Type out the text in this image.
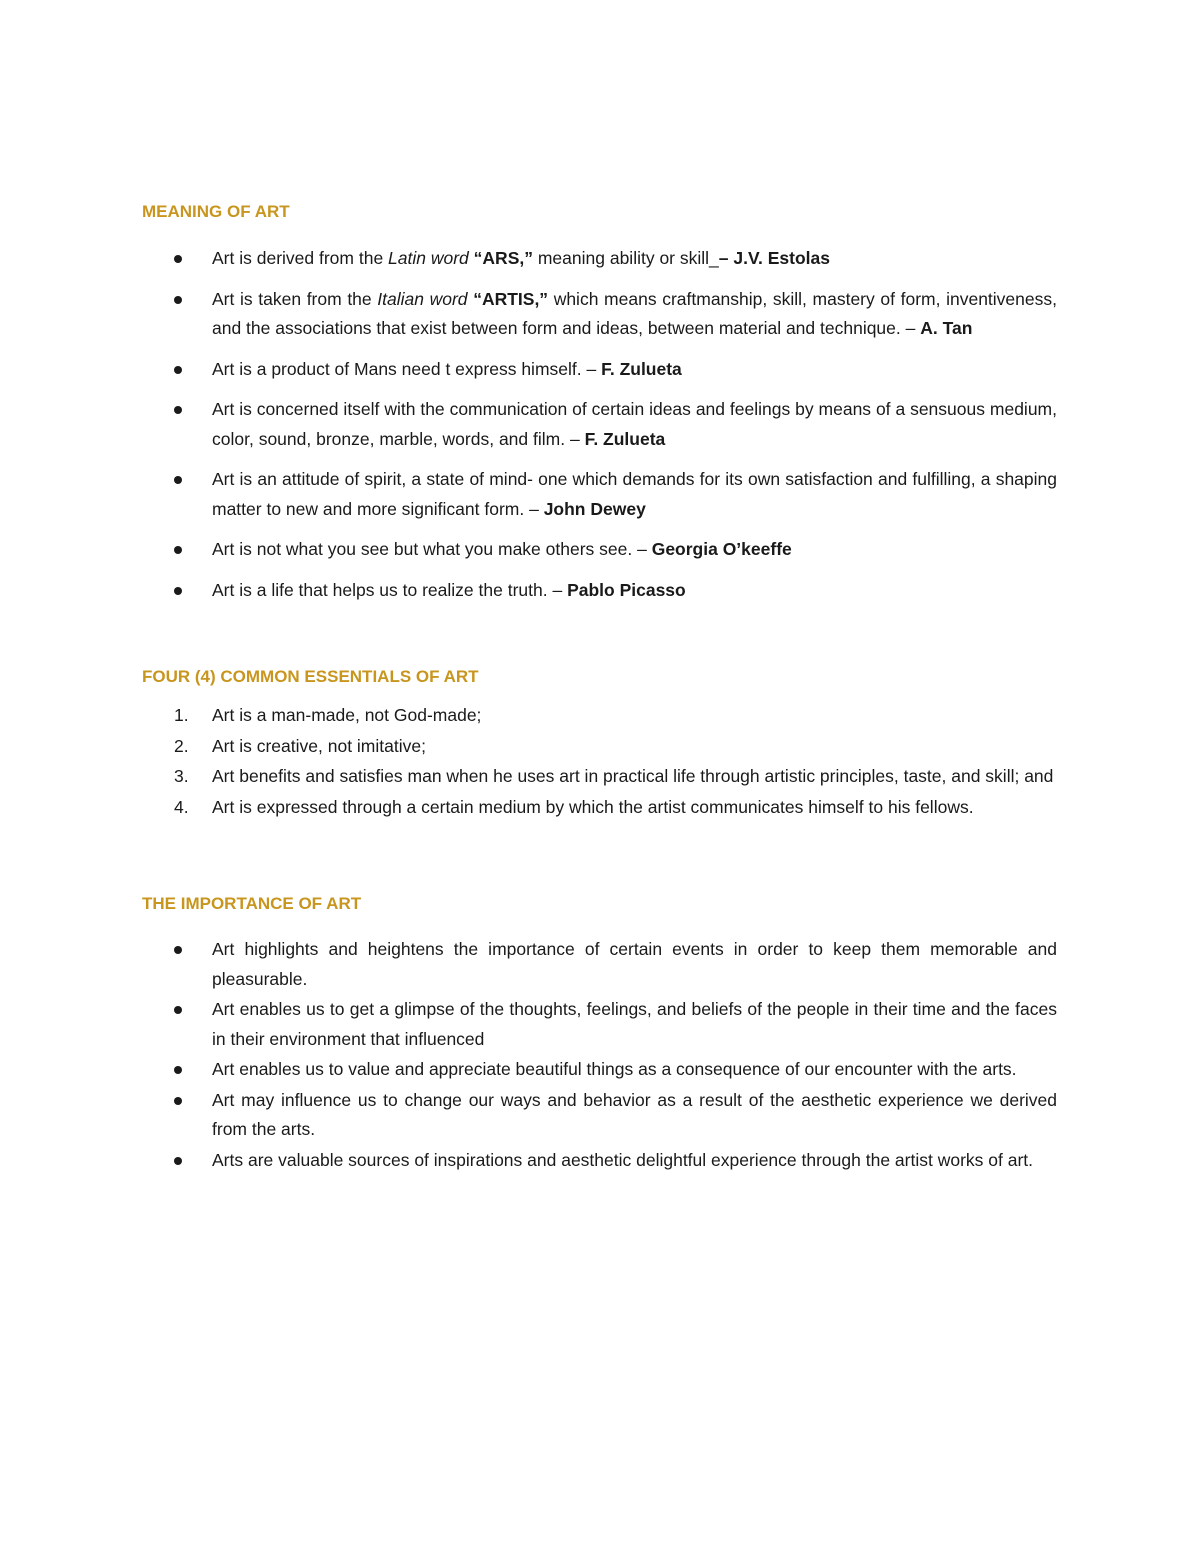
MEANING OF ART
Art is derived from the Latin word “ARS,” meaning ability or skill_– J.V. Estolas
Art is taken from the Italian word “ARTIS,” which means craftmanship, skill, mastery of form, inventiveness, and the associations that exist between form and ideas, between material and technique. – A. Tan
Art is a product of Mans need t express himself. – F. Zulueta
Art is concerned itself with the communication of certain ideas and feelings by means of a sensuous medium, color, sound, bronze, marble, words, and film. – F. Zulueta
Art is an attitude of spirit, a state of mind- one which demands for its own satisfaction and fulfilling, a shaping matter to new and more significant form. – John Dewey
Art is not what you see but what you make others see. – Georgia O’keeffe
Art is a life that helps us to realize the truth. – Pablo Picasso
FOUR (4) COMMON ESSENTIALS OF ART
1. Art is a man-made, not God-made;
2. Art is creative, not imitative;
3. Art benefits and satisfies man when he uses art in practical life through artistic principles, taste, and skill; and
4. Art is expressed through a certain medium by which the artist communicates himself to his fellows.
THE IMPORTANCE OF ART
Art highlights and heightens the importance of certain events in order to keep them memorable and pleasurable.
Art enables us to get a glimpse of the thoughts, feelings, and beliefs of the people in their time and the faces in their environment that influenced
Art enables us to value and appreciate beautiful things as a consequence of our encounter with the arts.
Art may influence us to change our ways and behavior as a result of the aesthetic experience we derived from the arts.
Arts are valuable sources of inspirations and aesthetic delightful experience through the artist works of art.
